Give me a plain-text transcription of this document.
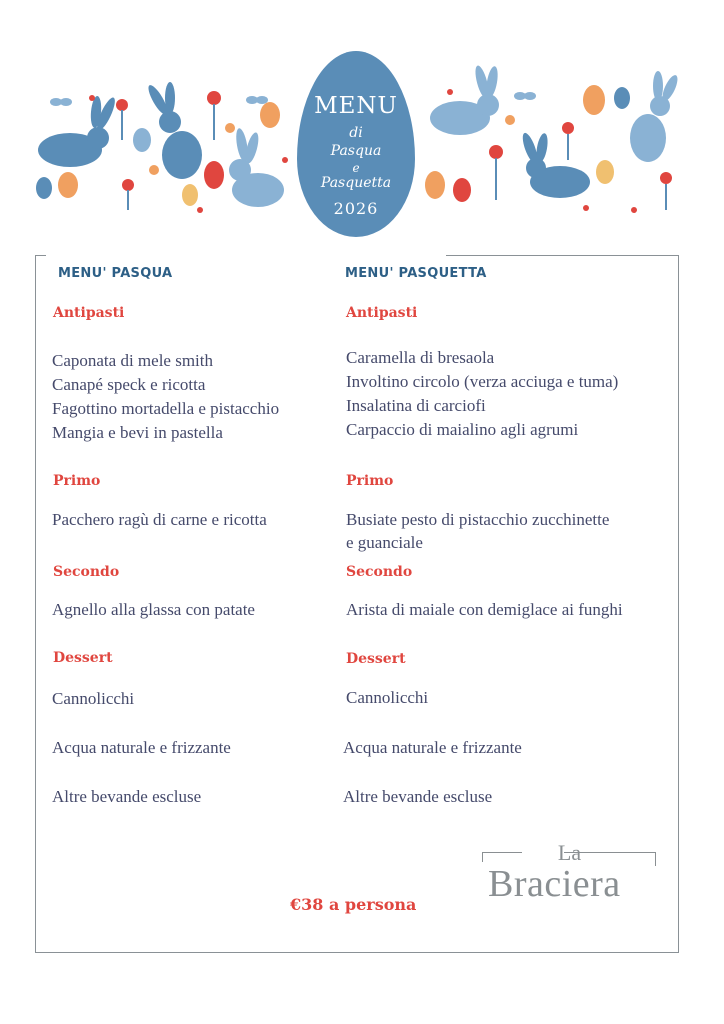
MENU
di
Pasqua
e
Pasquetta
2026
MENU' PASQUA
Antipasti
Caponata di mele smith
Canapé speck e ricotta
Fagottino mortadella e pistacchio
Mangia e bevi in pastella
Primo
Pacchero ragù di carne e ricotta
Secondo
Agnello alla glassa con patate
Dessert
Cannolicchi
Acqua naturale e frizzante
Altre bevande escluse
MENU' PASQUETTA
Antipasti
Caramella di bresaola
Involtino circolo (verza acciuga e tuma)
Insalatina di carciofi
Carpaccio di maialino agli agrumi
Primo
Busiate pesto di pistacchio zucchinette
e guanciale
Secondo
Arista di maiale con demiglace ai funghi
Dessert
Cannolicchi
Acqua naturale e frizzante
Altre bevande escluse
La
Braciera
€38 a persona
